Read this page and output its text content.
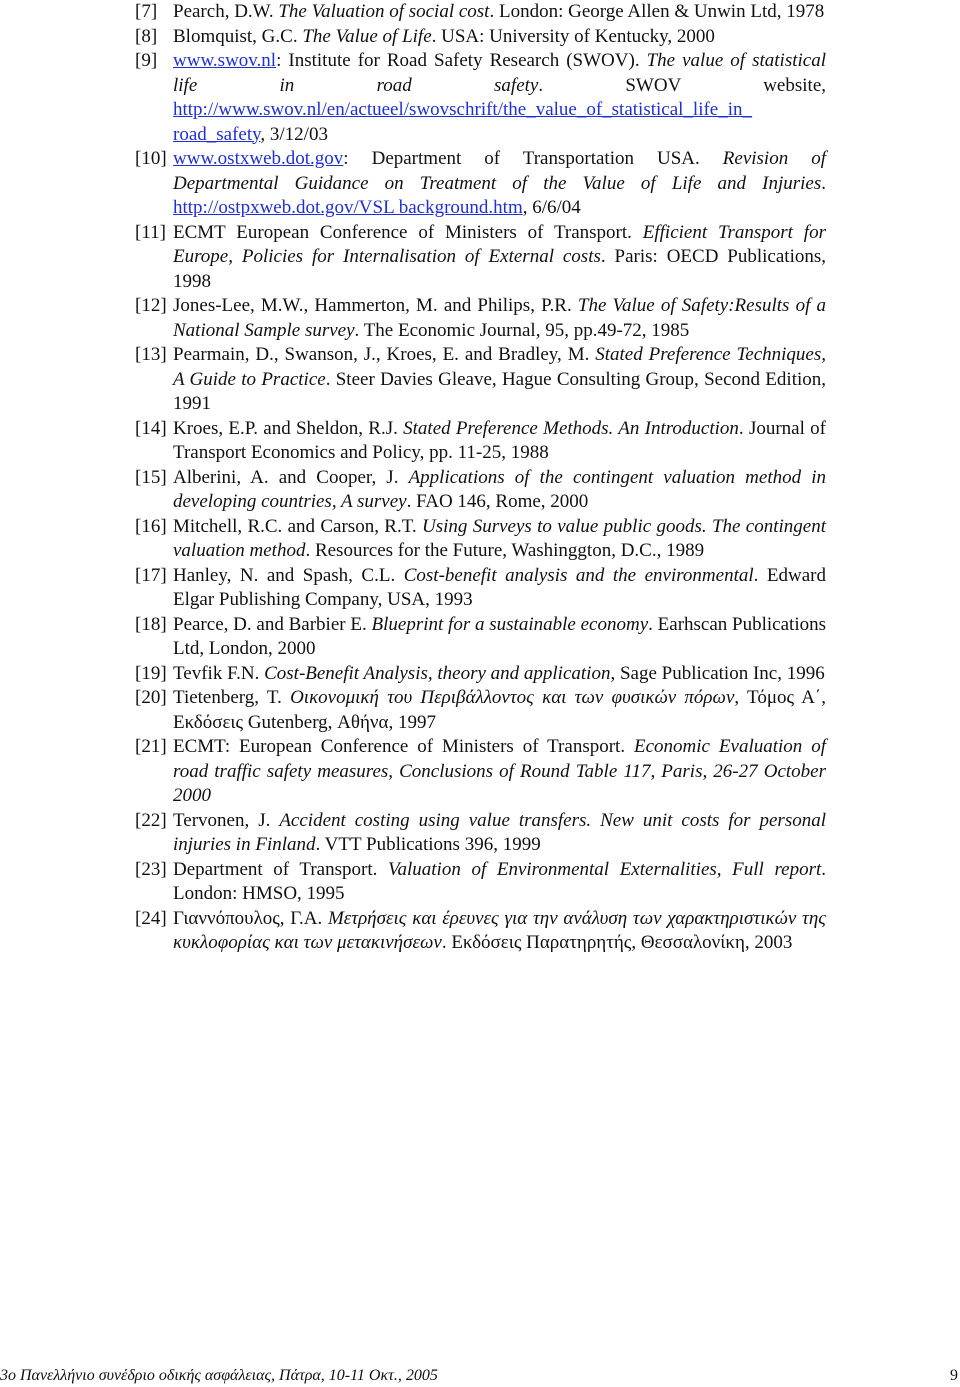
[7] Pearch, D.W. The Valuation of social cost. London: George Allen & Unwin Ltd, 1978
[8] Blomquist, G.C. The Value of Life. USA: University of Kentucky, 2000
[9] www.swov.nl: Institute for Road Safety Research (SWOV). The value of statistical life in road safety. SWOV website, http://www.swov.nl/en/actueel/swovschrift/the_value_of_statistical_life_in_ road_safety, 3/12/03
[10] www.ostxweb.dot.gov: Department of Transportation USA. Revision of Departmental Guidance on Treatment of the Value of Life and Injuries. http://ostpxweb.dot.gov/VSL background.htm, 6/6/04
[11] ECMT European Conference of Ministers of Transport. Efficient Transport for Europe, Policies for Internalisation of External costs. Paris: OECD Publications, 1998
[12] Jones-Lee, M.W., Hammerton, M. and Philips, P.R. The Value of Safety:Results of a National Sample survey. The Economic Journal, 95, pp.49-72, 1985
[13] Pearmain, D., Swanson, J., Kroes, E. and Bradley, M. Stated Preference Techniques, A Guide to Practice. Steer Davies Gleave, Hague Consulting Group, Second Edition, 1991
[14] Kroes, E.P. and Sheldon, R.J. Stated Preference Methods. An Introduction. Journal of Transport Economics and Policy, pp. 11-25, 1988
[15] Alberini, A. and Cooper, J. Applications of the contingent valuation method in developing countries, A survey. FAO 146, Rome, 2000
[16] Mitchell, R.C. and Carson, R.T. Using Surveys to value public goods. The contingent valuation method. Resources for the Future, Washinggton, D.C., 1989
[17] Hanley, N. and Spash, C.L. Cost-benefit analysis and the environmental. Edward Elgar Publishing Company, USA, 1993
[18] Pearce, D. and Barbier E. Blueprint for a sustainable economy. Earhscan Publications Ltd, London, 2000
[19] Tevfik F.N. Cost-Benefit Analysis, theory and application, Sage Publication Inc, 1996
[20] Tietenberg, T. Οικονομική του Περιβάλλοντος και των φυσικών πόρων, Τόμος Α΄, Εκδόσεις Gutenberg, Αθήνα, 1997
[21] ECMT: European Conference of Ministers of Transport. Economic Evaluation of road traffic safety measures, Conclusions of Round Table 117, Paris, 26-27 October 2000
[22] Tervonen, J. Accident costing using value transfers. New unit costs for personal injuries in Finland. VTT Publications 396, 1999
[23] Department of Transport. Valuation of Environmental Externalities, Full report. London: HMSO, 1995
[24] Γιαννόπουλος, Γ.Α. Μετρήσεις και έρευνες για την ανάλυση των χαρακτηριστικών της κυκλοφορίας και των μετακινήσεων. Εκδόσεις Παρατηρητής, Θεσσαλονίκη, 2003
3ο Πανελλήνιο συνέδριο οδικής ασφάλειας, Πάτρα, 10-11 Οκτ., 2005	9
